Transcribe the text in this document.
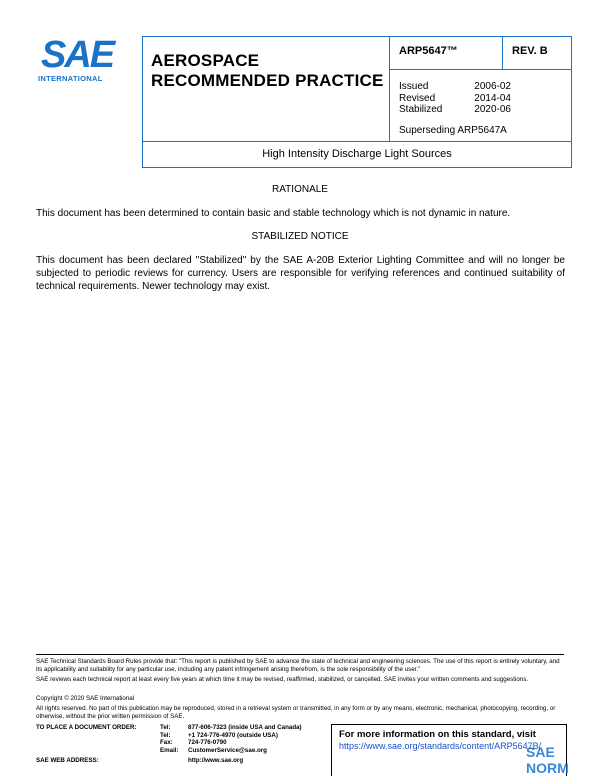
SAE
INTERNATIONAL
AEROSPACE
RECOMMENDED PRACTICE
ARP5647™	REV. B
Issued	2006-02
Revised	2014-04
Stabilized	2020-06
Superseding ARP5647A
High Intensity Discharge Light Sources
RATIONALE
This document has been determined to contain basic and stable technology which is not dynamic in nature.
STABILIZED NOTICE
This document has been declared "Stabilized" by the SAE A-20B Exterior Lighting Committee and will no longer be subjected to periodic reviews for currency. Users are responsible for verifying references and continued suitability of technical requirements. Newer technology may exist.
SAE Technical Standards Board Rules provide that: "This report is published by SAE to advance the state of technical and engineering sciences. The use of this report is entirely voluntary, and its applicability and suitability for any particular use, including any patent infringement arising therefrom, is the sole responsibility of the user."
SAE reviews each technical report at least every five years at which time it may be revised, reaffirmed, stabilized, or cancelled. SAE invites your written comments and suggestions.
Copyright © 2020 SAE International
All rights reserved. No part of this publication may be reproduced, stored in a retrieval system or transmitted, in any form or by any means, electronic, mechanical, photocopying, recording, or otherwise, without the prior written permission of SAE.
TO PLACE A DOCUMENT ORDER:	Tel:	877-606-7323 (inside USA and Canada)
Tel:	+1 724-776-4970 (outside USA)
Fax:	724-776-0790
Email:	CustomerService@sae.org
SAE WEB ADDRESS:	http://www.sae.org
For more information on this standard, visit
https://www.sae.org/standards/content/ARP5647B/
SAE NORM
